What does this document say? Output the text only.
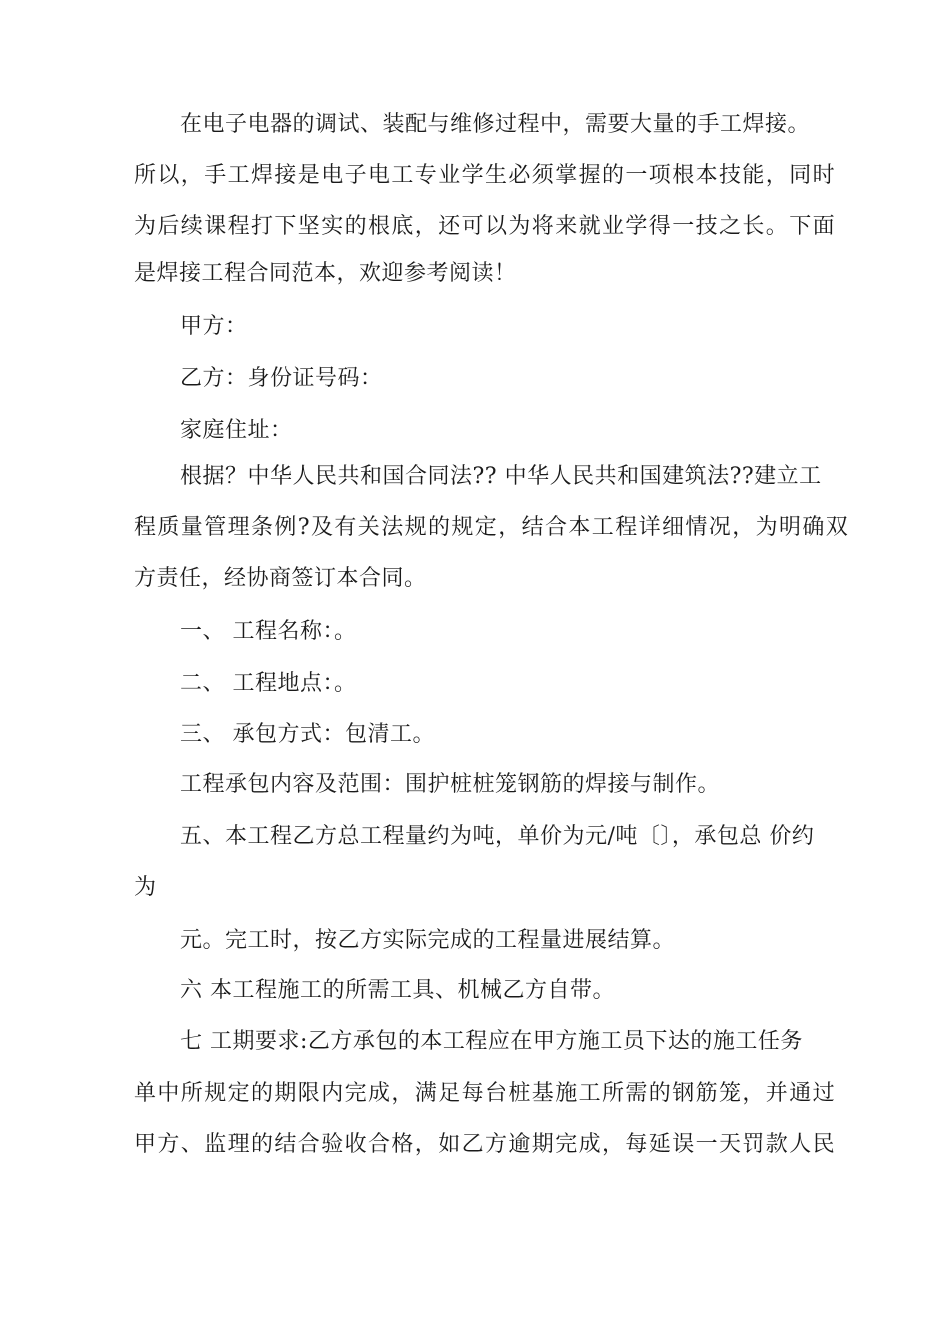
在电子电器的调试、装配与维修过程中，需要大量的手工焊接。
所以，手工焊接是电子电工专业学生必须掌握的一项根本技能，同时
为后续课程打下坚实的根底，还可以为将来就业学得一技之长。下面
是焊接工程合同范本，欢迎参考阅读！
甲方：
乙方：身份证号码：
家庭住址：
根据？中华人民共和国合同法?? 中华人民共和国建筑法??建立工
程质量管理条例?及有关法规的规定，结合本工程详细情况，为明确双
方责任，经协商签订本合同。
一、 工程名称：。
二、 工程地点：。
三、 承包方式：包清工。
工程承包内容及范围：围护桩桩笼钢筋的焊接与制作。
五、本工程乙方总工程量约为吨，单价为元/吨〔〕，承包总 价约
为
元。完工时，按乙方实际完成的工程量进展结算。
六 本工程施工的所需工具、机械乙方自带。
七 工期要求:乙方承包的本工程应在甲方施工员下达的施工任务
单中所规定的期限内完成，满足每台桩基施工所需的钢筋笼，并通过
甲方、监理的结合验收合格，如乙方逾期完成，每延误一天罚款人民
